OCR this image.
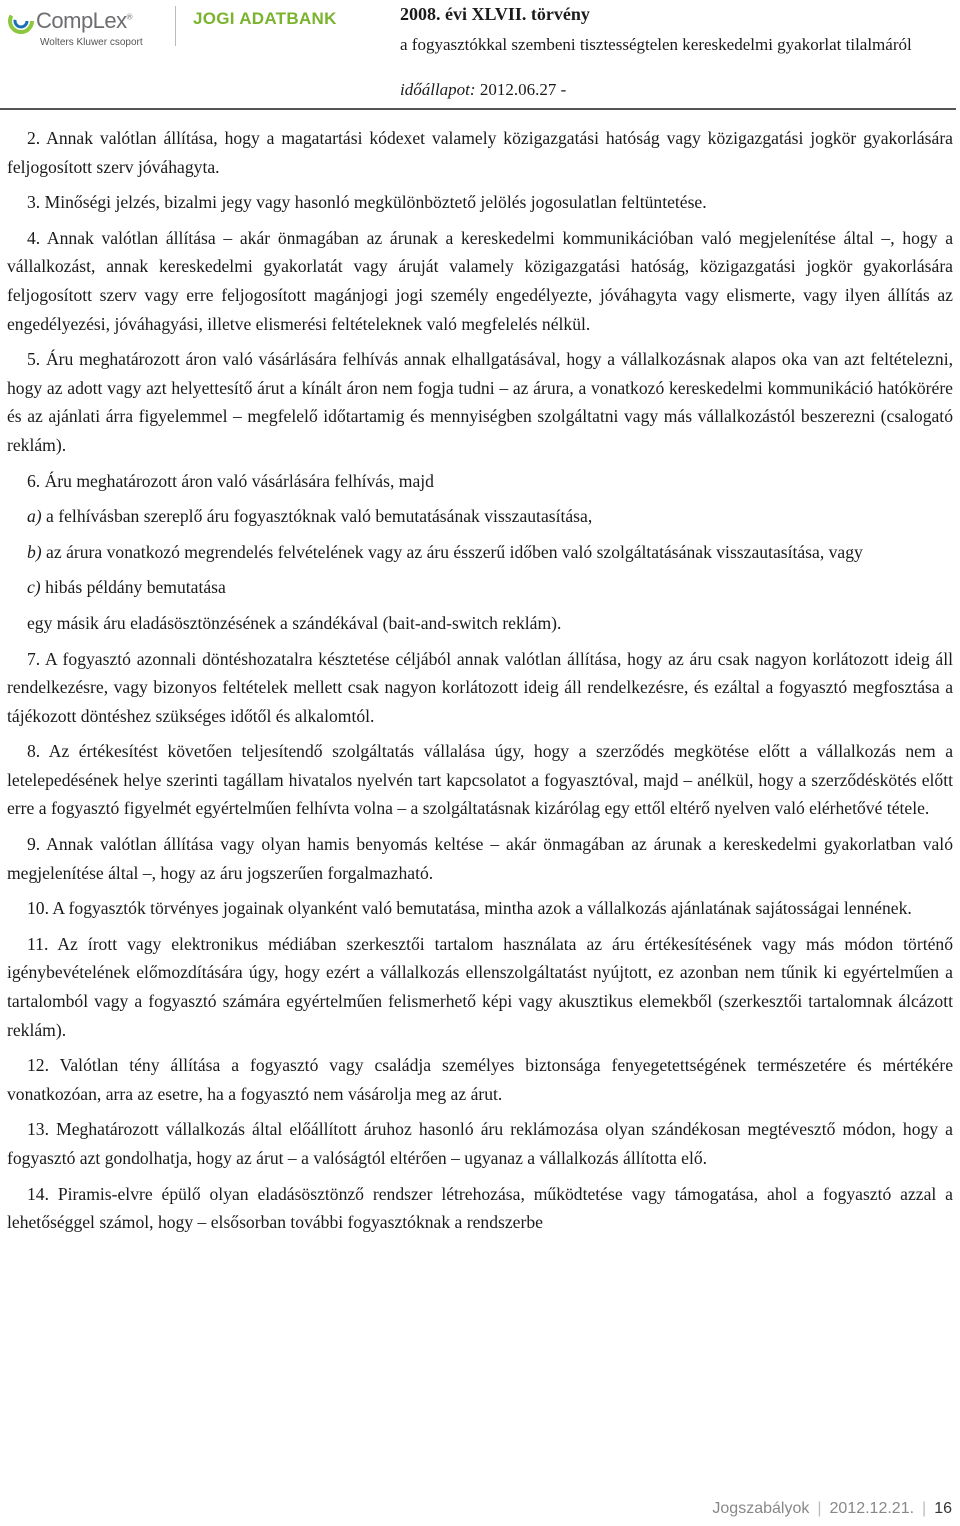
CompLex®
Wolters Kluwer csoport
JOGI ADATBANK	2008. évi XLVII. törvény
a fogyasztókkal szembeni tisztességtelen kereskedelmi gyakorlat tilalmáról
időállapot: 2012.06.27 -

2. Annak valótlan állítása, hogy a magatartási kódexet valamely közigazgatási hatóság vagy közigazgatási jogkör gyakorlására feljogosított szerv jóváhagyta.

3. Minőségi jelzés, bizalmi jegy vagy hasonló megkülönböztető jelölés jogosulatlan feltüntetése.

4. Annak valótlan állítása – akár önmagában az árunak a kereskedelmi kommunikációban való megjelenítése által –, hogy a vállalkozást, annak kereskedelmi gyakorlatát vagy áruját valamely közigazgatási hatóság, közigazgatási jogkör gyakorlására feljogosított szerv vagy erre feljogosított magánjogi jogi személy engedélyezte, jóváhagyta vagy elismerte, vagy ilyen állítás az engedélyezési, jóváhagyási, illetve elismerési feltételeknek való megfelelés nélkül.

5. Áru meghatározott áron való vásárlására felhívás annak elhallgatásával, hogy a vállalkozásnak alapos oka van azt feltételezni, hogy az adott vagy azt helyettesítő árut a kínált áron nem fogja tudni – az árura, a vonatkozó kereskedelmi kommunikáció hatókörére és az ajánlati árra figyelemmel – megfelelő időtartamig és mennyiségben szolgáltatni vagy más vállalkozástól beszerezni (csalogató reklám).

6. Áru meghatározott áron való vásárlására felhívás, majd

a) a felhívásban szereplő áru fogyasztóknak való bemutatásának visszautasítása,

b) az árura vonatkozó megrendelés felvételének vagy az áru ésszerű időben való szolgáltatásának visszautasítása, vagy

c) hibás példány bemutatása

egy másik áru eladásösztönzésének a szándékával (bait-and-switch reklám).

7. A fogyasztó azonnali döntéshozatalra késztetése céljából annak valótlan állítása, hogy az áru csak nagyon korlátozott ideig áll rendelkezésre, vagy bizonyos feltételek mellett csak nagyon korlátozott ideig áll rendelkezésre, és ezáltal a fogyasztó megfosztása a tájékozott döntéshez szükséges időtől és alkalomtól.

8. Az értékesítést követően teljesítendő szolgáltatás vállalása úgy, hogy a szerződés megkötése előtt a vállalkozás nem a letelepedésének helye szerinti tagállam hivatalos nyelvén tart kapcsolatot a fogyasztóval, majd – anélkül, hogy a szerződéskötés előtt erre a fogyasztó figyelmét egyértelműen felhívta volna – a szolgáltatásnak kizárólag egy ettől eltérő nyelven való elérhetővé tétele.

9. Annak valótlan állítása vagy olyan hamis benyomás keltése – akár önmagában az árunak a kereskedelmi gyakorlatban való megjelenítése által –, hogy az áru jogszerűen forgalmazható.

10. A fogyasztók törvényes jogainak olyanként való bemutatása, mintha azok a vállalkozás ajánlatának sajátosságai lennének.

11. Az írott vagy elektronikus médiában szerkesztői tartalom használata az áru értékesítésének vagy más módon történő igénybevételének előmozdítására úgy, hogy ezért a vállalkozás ellenszolgáltatást nyújtott, ez azonban nem tűnik ki egyértelműen a tartalomból vagy a fogyasztó számára egyértelműen felismerhető képi vagy akusztikus elemekből (szerkesztői tartalomnak álcázott reklám).

12. Valótlan tény állítása a fogyasztó vagy családja személyes biztonsága fenyegetettségének természetére és mértékére vonatkozóan, arra az esetre, ha a fogyasztó nem vásárolja meg az árut.

13. Meghatározott vállalkozás által előállított áruhoz hasonló áru reklámozása olyan szándékosan megtévesztő módon, hogy a fogyasztó azt gondolhatja, hogy az árut – a valóságtól eltérően – ugyanaz a vállalkozás állította elő.

14. Piramis-elvre épülő olyan eladásösztönző rendszer létrehozása, működtetése vagy támogatása, ahol a fogyasztó azzal a lehetőséggel számol, hogy – elsősorban további fogyasztóknak a rendszerbe

Jogszabályok | 2012.12.21. | 16
